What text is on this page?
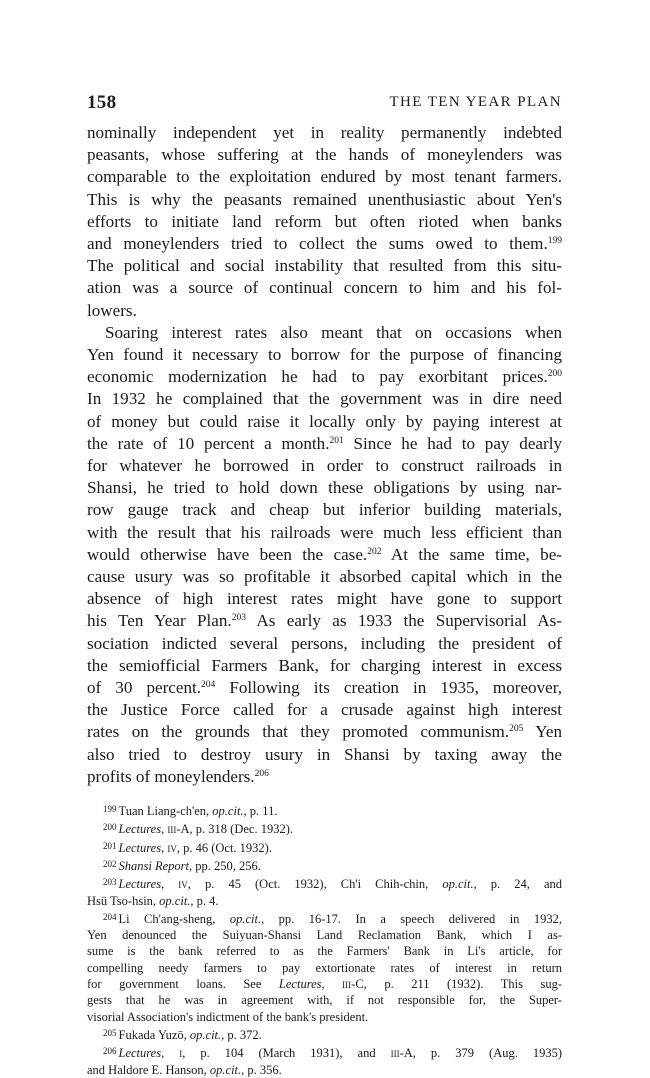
158	THE TEN YEAR PLAN
nominally independent yet in reality permanently indebted
peasants, whose suffering at the hands of moneylenders was
comparable to the exploitation endured by most tenant farmers.
This is why the peasants remained unenthusiastic about Yen's
efforts to initiate land reform but often rioted when banks
and moneylenders tried to collect the sums owed to them.$^{199}$
The political and social instability that resulted from this situ-
ation was a source of continual concern to him and his fol-
lowers.
Soaring interest rates also meant that on occasions when
Yen found it necessary to borrow for the purpose of financing
economic modernization he had to pay exorbitant prices.$^{200}$
In 1932 he complained that the government was in dire need
of money but could raise it locally only by paying interest at
the rate of 10 percent a month.$^{201}$ Since he had to pay dearly
for whatever he borrowed in order to construct railroads in
Shansi, he tried to hold down these obligations by using nar-
row gauge track and cheap but inferior building materials,
with the result that his railroads were much less efficient than
would otherwise have been the case.$^{202}$ At the same time, be-
cause usury was so profitable it absorbed capital which in the
absence of high interest rates might have gone to support
his Ten Year Plan.$^{203}$ As early as 1933 the Supervisorial As-
sociation indicted several persons, including the president of
the semiofficial Farmers Bank, for charging interest in excess
of 30 percent.$^{204}$ Following its creation in 1935, moreover,
the Justice Force called for a crusade against high interest
rates on the grounds that they promoted communism.$^{205}$ Yen
also tried to destroy usury in Shansi by taxing away the
profits of moneylenders.$^{206}$
$^{199}$ Tuan Liang-ch'en, op.cit., p. 11.
$^{200}$ Lectures, iii-A, p. 318 (Dec. 1932).
$^{201}$ Lectures, iv, p. 46 (Oct. 1932).
$^{202}$ Shansi Report, pp. 250, 256.
$^{203}$ Lectures, iv, p. 45 (Oct. 1932), Ch'i Chih-chin, op.cit., p. 24, and
Hsü Tso-hsin, op.cit., p. 4.
$^{204}$ Li Ch'ang-sheng, op.cit., pp. 16-17. In a speech delivered in 1932,
Yen denounced the Suiyuan-Shansi Land Reclamation Bank, which I as-
sume is the bank referred to as the Farmers' Bank in Li's article, for
compelling needy farmers to pay extortionate rates of interest in return
for government loans. See Lectures, iii-C, p. 211 (1932). This sug-
gests that he was in agreement with, if not responsible for, the Super-
visorial Association's indictment of the bank's president.
$^{205}$ Fukada Yuzō, op.cit., p. 372.
$^{206}$ Lectures, i, p. 104 (March 1931), and iii-A, p. 379 (Aug. 1935)
and Haldore E. Hanson, op.cit., p. 356.
